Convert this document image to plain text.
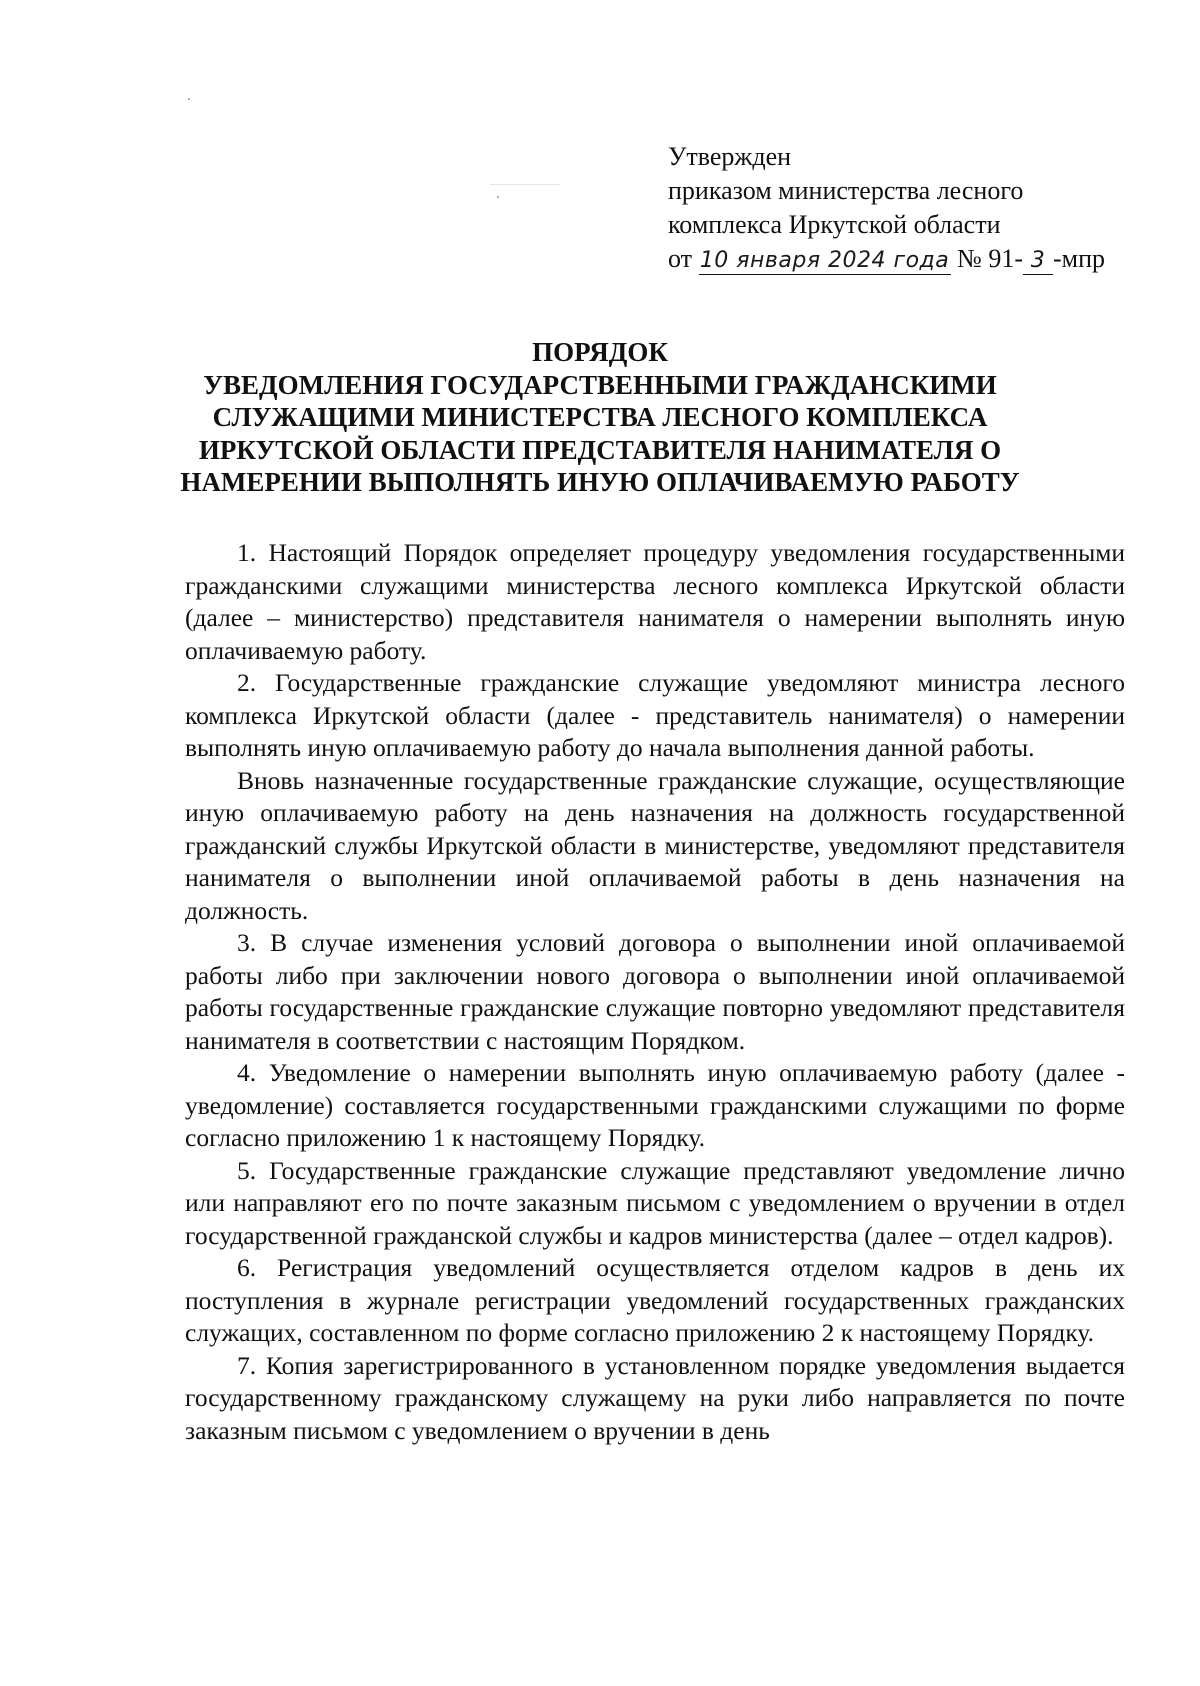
Утвержден
приказом министерства лесного
комплекса Иркутской области
от 10 января 2024 года № 91- 3 -мпр
ПОРЯДОК
УВЕДОМЛЕНИЯ ГОСУДАРСТВЕННЫМИ ГРАЖДАНСКИМИ
СЛУЖАЩИМИ МИНИСТЕРСТВА ЛЕСНОГО КОМПЛЕКСА
ИРКУТСКОЙ ОБЛАСТИ ПРЕДСТАВИТЕЛЯ НАНИМАТЕЛЯ О
НАМЕРЕНИИ ВЫПОЛНЯТЬ ИНУЮ ОПЛАЧИВАЕМУЮ РАБОТУ

1. Настоящий Порядок определяет процедуру уведомления государственными гражданскими служащими министерства лесного комплекса Иркутской области (далее – министерство) представителя нанимателя о намерении выполнять иную оплачиваемую работу.

2. Государственные гражданские служащие уведомляют министра лесного комплекса Иркутской области (далее - представитель нанимателя) о намерении выполнять иную оплачиваемую работу до начала выполнения данной работы.

Вновь назначенные государственные гражданские служащие, осуществляющие иную оплачиваемую работу на день назначения на должность государственной гражданский службы Иркутской области в министерстве, уведомляют представителя нанимателя о выполнении иной оплачиваемой работы в день назначения на должность.

3. В случае изменения условий договора о выполнении иной оплачиваемой работы либо при заключении нового договора о выполнении иной оплачиваемой работы государственные гражданские служащие повторно уведомляют представителя нанимателя в соответствии с настоящим Порядком.

4. Уведомление о намерении выполнять иную оплачиваемую работу (далее - уведомление) составляется государственными гражданскими служащими по форме согласно приложению 1 к настоящему Порядку.

5. Государственные гражданские служащие представляют уведомление лично или направляют его по почте заказным письмом с уведомлением о вручении в отдел государственной гражданской службы и кадров министерства (далее – отдел кадров).

6. Регистрация уведомлений осуществляется отделом кадров в день их поступления в журнале регистрации уведомлений государственных гражданских служащих, составленном по форме согласно приложению 2 к настоящему Порядку.

7. Копия зарегистрированного в установленном порядке уведомления выдается государственному гражданскому служащему на руки либо направляется по почте заказным письмом с уведомлением о вручении в день
